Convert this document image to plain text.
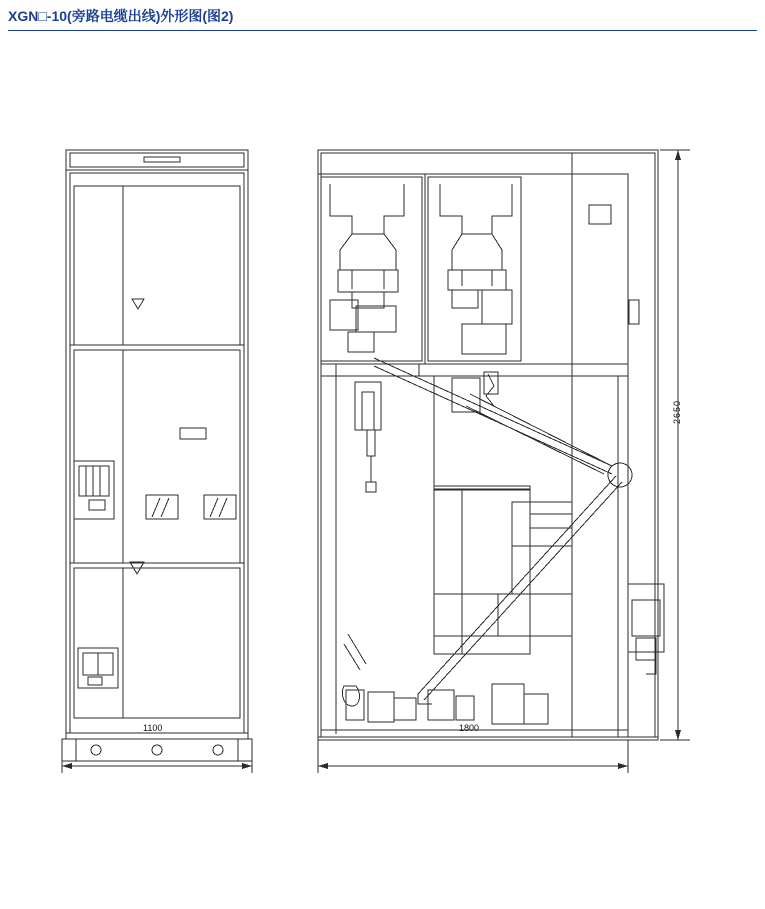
XGN□-10(旁路电缆出线)外形图(图2)
1100	1800
2650
